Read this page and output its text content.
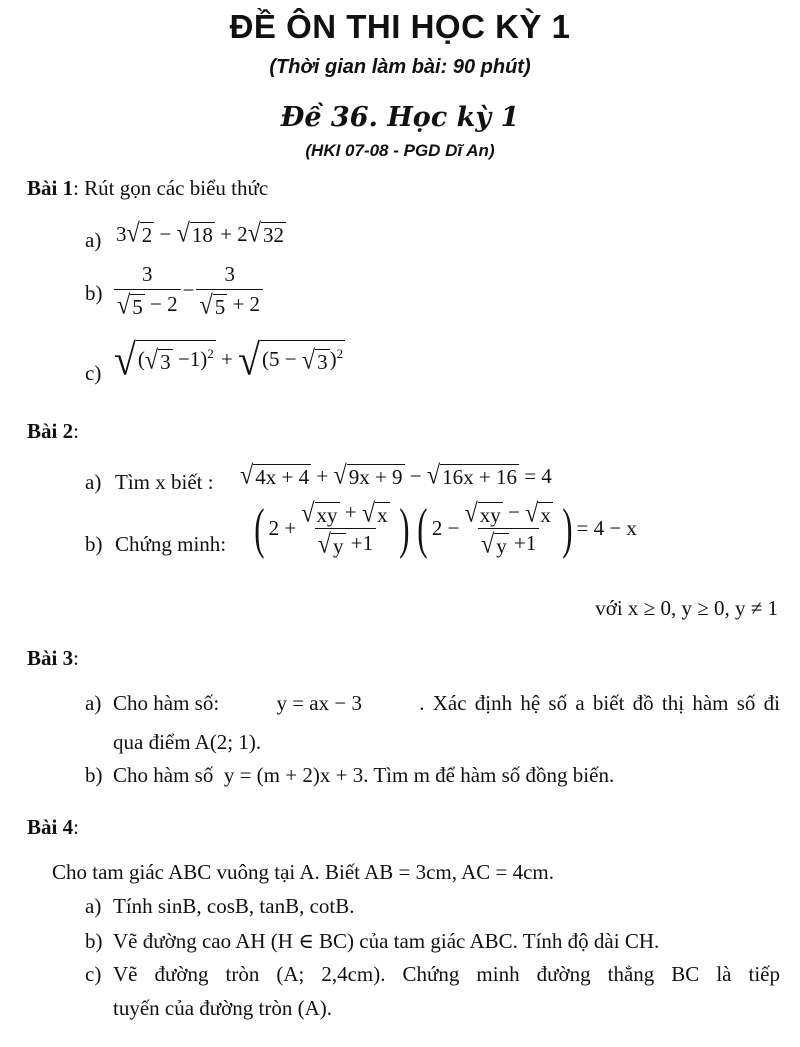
ĐỀ ÔN THI HỌC KỲ 1
(Thời gian làm bài: 90 phút)
Đề 36. Học kỳ 1
(HKI 07-08 - PGD Dĩ An)
Bài 1: Rút gọn các biểu thức
a) 3 √ 2 − √ 18 + 2 √ 32
$b) \frac{3}{√ 5 - 2} - \frac{3}{√ 5 + 2}$
c) √ ( √ 3 −1)$^2$ + √ (5 − √ 3 )$^2$
Bài 2:
a) Tìm x biết : √ 4x + 4 + √ 9x + 9 − √ 16x + 16 = 4
b) Chứng minh: ( $2 + \frac{√ xy + √ x}{√ y +1}$ ) ( $2 - \frac{√ xy - √ x}{√ y +1}$ ) = 4 − x
với x ≥ 0, y ≥ 0, y ≠ 1
Bài 3:
a) Cho hàm số:	y = ax − 3	. Xác định hệ số a biết đồ thị hàm số đi
qua điểm A(2; 1).
b) Cho hàm số y = (m + 2)x + 3. Tìm m để hàm số đồng biến.
Bài 4:
Cho tam giác ABC vuông tại A. Biết AB = 3cm, AC = 4cm.
a) Tính sinB, cosB, tanB, cotB.
b) Vẽ đường cao AH (H ∈ BC) của tam giác ABC. Tính độ dài CH.
c) Vẽ đường tròn (A; 2,4cm). Chứng minh đường thẳng BC là tiếp
tuyến của đường tròn (A).
